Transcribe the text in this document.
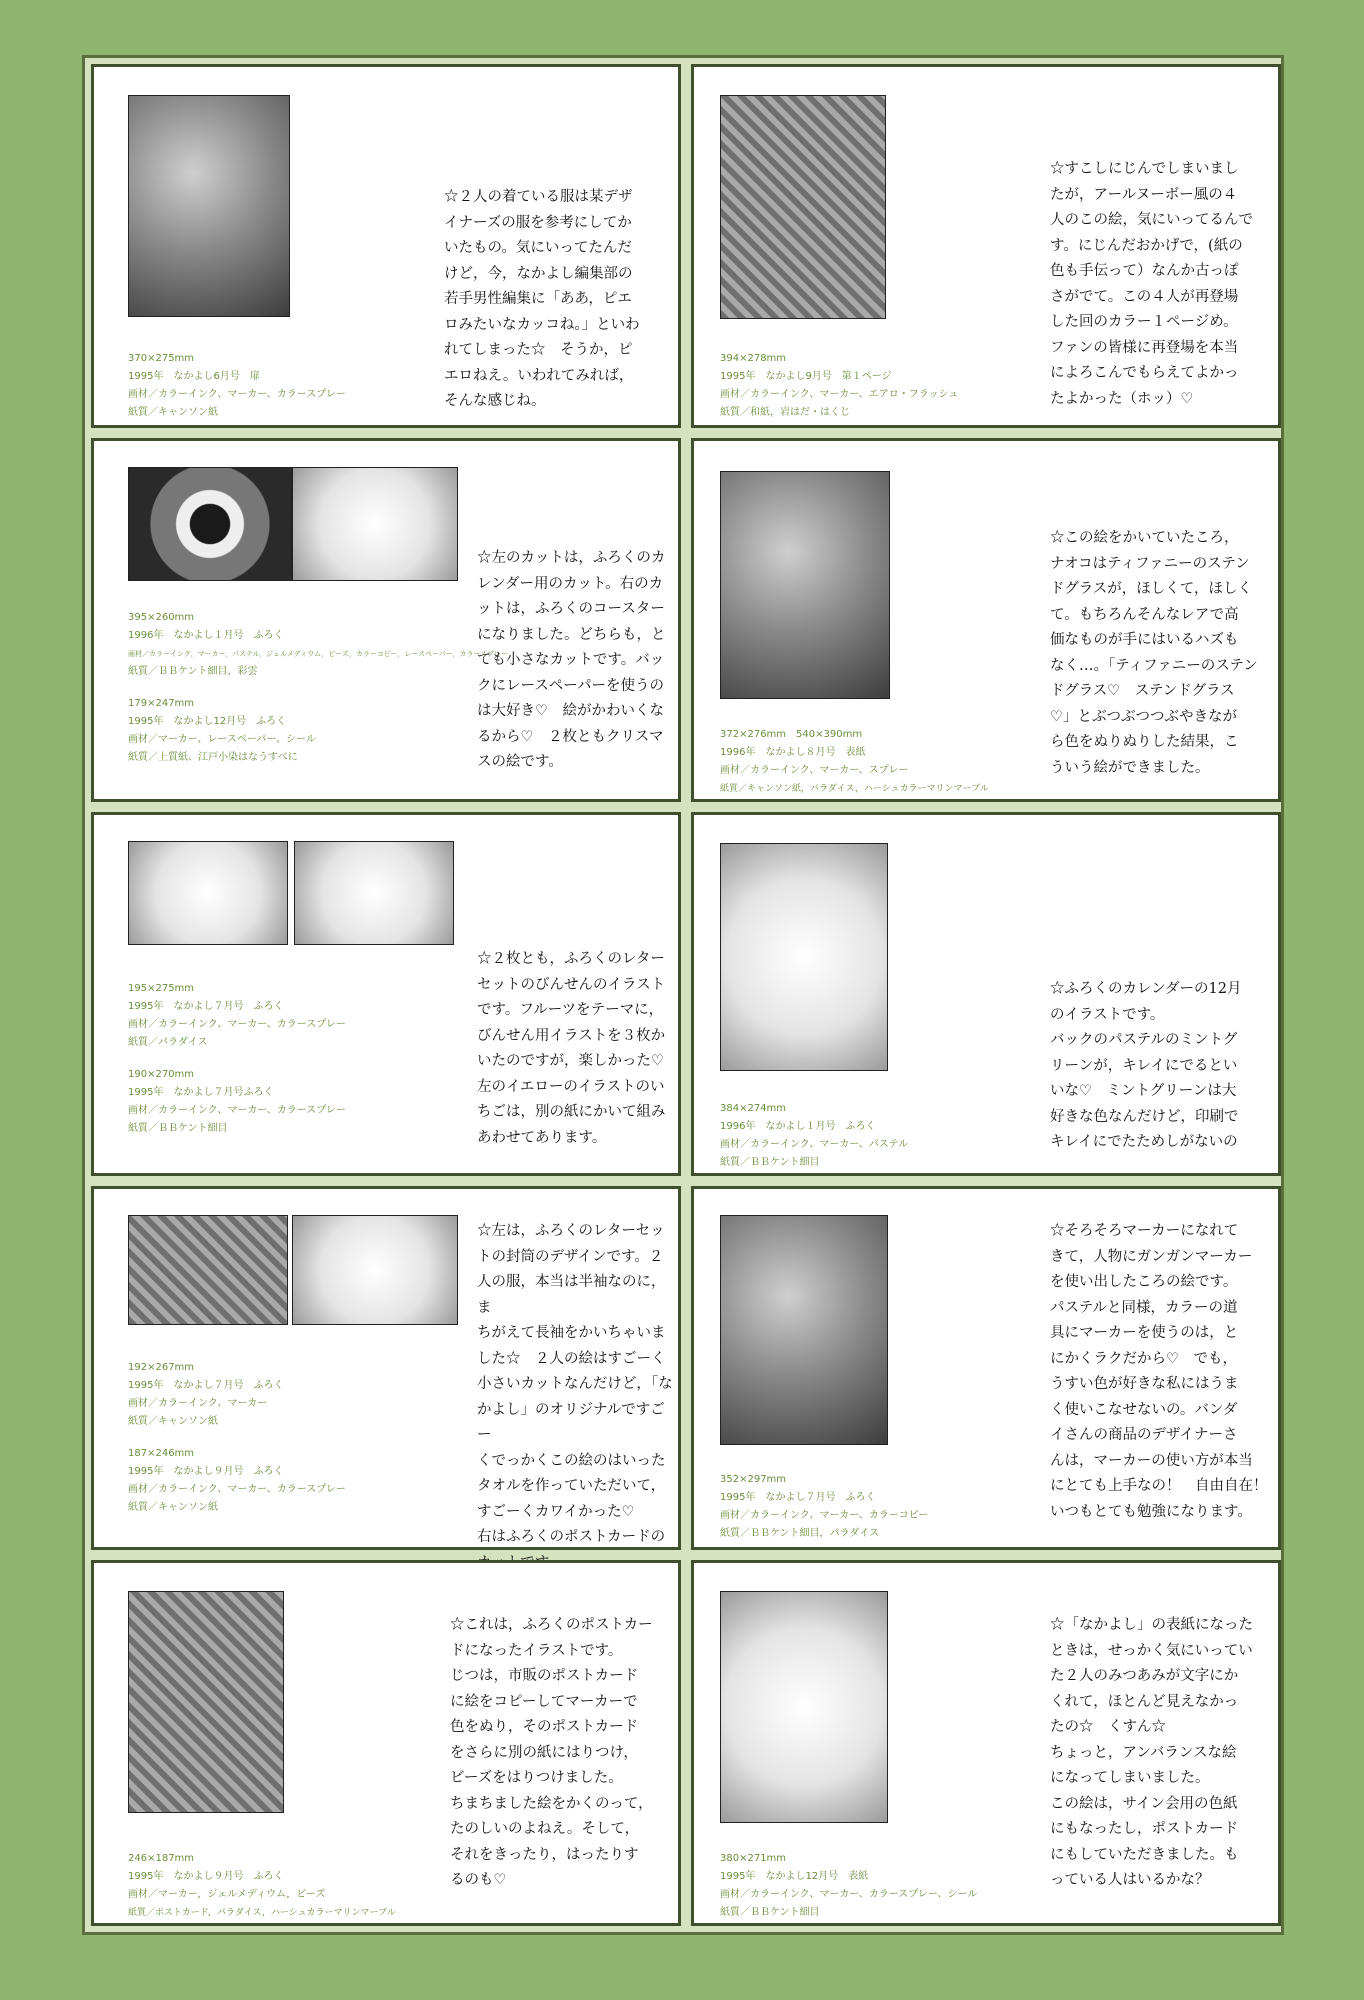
370×275mm
1995年　なかよし6月号　扉
画材／カラーインク、マーカー、カラースプレー
紙質／キャンソン紙

☆２人の着ている服は某デザ
イナーズの服を参考にしてか
いたもの。気にいってたんだ
けど，今，なかよし編集部の
若手男性編集に「ああ，ピエ
ロみたいなカッコね。」といわ
れてしまった☆　そうか，ピ
エロねえ。いわれてみれば，
そんな感じね。

394×278mm
1995年　なかよし9月号　第１ページ
画材／カラーインク、マーカー、エアロ・フラッシュ
紙質／和紙，岩はだ・はくじ

☆すこしにじんでしまいまし
たが，アールヌーボー風の４
人のこの絵，気にいってるんで
す。にじんだおかげで，(紙の
色も手伝って）なんか古っぽ
さがでて。この４人が再登場
した回のカラー１ページめ。
ファンの皆様に再登場を本当
によろこんでもらえてよかっ
たよかった（ホッ）♡

395×260mm
1996年　なかよし１月号　ふろく
画材／カラーインク，マーカー，パステル，ジェルメディウム，ビーズ，カラーコピー，レースペーパー，カラースプレー
紙質／ＢＢケント細目，彩雲
179×247mm
1995年　なかよし12月号　ふろく
画材／マーカー、レースペーパー、シール
紙質／上質紙、江戸小染はなうすべに

☆左のカットは，ふろくのカ
レンダー用のカット。右のカ
ットは，ふろくのコースター
になりました。どちらも，と
ても小さなカットです。バッ
クにレースペーパーを使うの
は大好き♡　絵がかわいくな
るから♡　２枚ともクリスマ
スの絵です。

372×276mm　540×390mm
1996年　なかよし８月号　表紙
画材／カラーインク、マーカー、スプレー
紙質／キャンソン紙，パラダイス，ハーシュカラーマリンマーブル

☆この絵をかいていたころ，
ナオコはティファニーのステン
ドグラスが，ほしくて，ほしく
て。もちろんそんなレアで高
価なものが手にはいるハズも
なく…。｢ティファニーのステン
ドグラス♡　ステンドグラス
♡」とぶつぶつつぶやきなが
ら色をぬりぬりした結果，こ
ういう絵ができました。

195×275mm
1995年　なかよし７月号　ふろく
画材／カラーインク、マーカー、カラースプレー
紙質／パラダイス
190×270mm
1995年　なかよし７月号ふろく
画材／カラーインク、マーカー、カラースプレー
紙質／ＢＢケント細目

☆２枚とも，ふろくのレター
セットのびんせんのイラスト
です。フルーツをテーマに，
びんせん用イラストを３枚か
いたのですが，楽しかった♡
左のイエローのイラストのい
ちごは，別の紙にかいて組み
あわせてあります。

384×274mm
1996年　なかよし１月号　ふろく
画材／カラーインク、マーカー、パステル
紙質／ＢＢケント細目

☆ふろくのカレンダーの12月
のイラストです。
バックのパステルのミントグ
リーンが，キレイにでるとい
いな♡　ミントグリーンは大
好きな色なんだけど，印刷で
キレイにでたためしがないの

192×267mm
1995年　なかよし７月号　ふろく
画材／カラーインク、マーカー
紙質／キャンソン紙
187×246mm
1995年　なかよし９月号　ふろく
画材／カラーインク、マーカー、カラースプレー
紙質／キャンソン紙

☆左は，ふろくのレターセッ
トの封筒のデザインです。２
人の服，本当は半袖なのに，ま
ちがえて長袖をかいちゃいま
した☆　２人の絵はすごーく
小さいカットなんだけど，｢な
かよし」のオリジナルですごー
くでっかくこの絵のはいった
タオルを作っていただいて，
すごーくカワイかった♡
右はふろくのポストカードの

352×297mm
1995年　なかよし７月号　ふろく
画材／カラーインク、マーカー、カラーコピー
紙質／ＢＢケント細目，パラダイス

☆そろそろマーカーになれて
きて，人物にガンガンマーカー
を使い出したころの絵です。
パステルと同様，カラーの道
具にマーカーを使うのは，と
にかくラクだから♡　でも，
うすい色が好きな私にはうま
く使いこなせないの。バンダ
イさんの商品のデザイナーさ
んは，マーカーの使い方が本当
にとても上手なの！　自由自在！
いつもとても勉強になります。

246×187mm
1995年　なかよし９月号　ふろく
画材／マーカー，ジェルメディウム，ビーズ
紙質／ポストカード，パラダイス，ハーシュカラーマリンマーブル

☆これは，ふろくのポストカー
ドになったイラストです。
じつは，市販のポストカード
に絵をコピーしてマーカーで
色をぬり，そのポストカード
をさらに別の紙にはりつけ，
ビーズをはりつけました。
ちまちました絵をかくのって，
たのしいのよねえ。そして，
それをきったり，はったりす
るのも♡

380×271mm
1995年　なかよし12月号　表紙
画材／カラーインク、マーカー、カラースプレー、シール
紙質／ＢＢケント細目

☆「なかよし」の表紙になった
ときは，せっかく気にいってい
た２人のみつあみが文字にか
くれて，ほとんど見えなかっ
たの☆　くすん☆
ちょっと，アンバランスな絵
になってしまいました。
この絵は，サイン会用の色紙
にもなったし，ポストカード
にもしていただきました。も
っている人はいるかな？
